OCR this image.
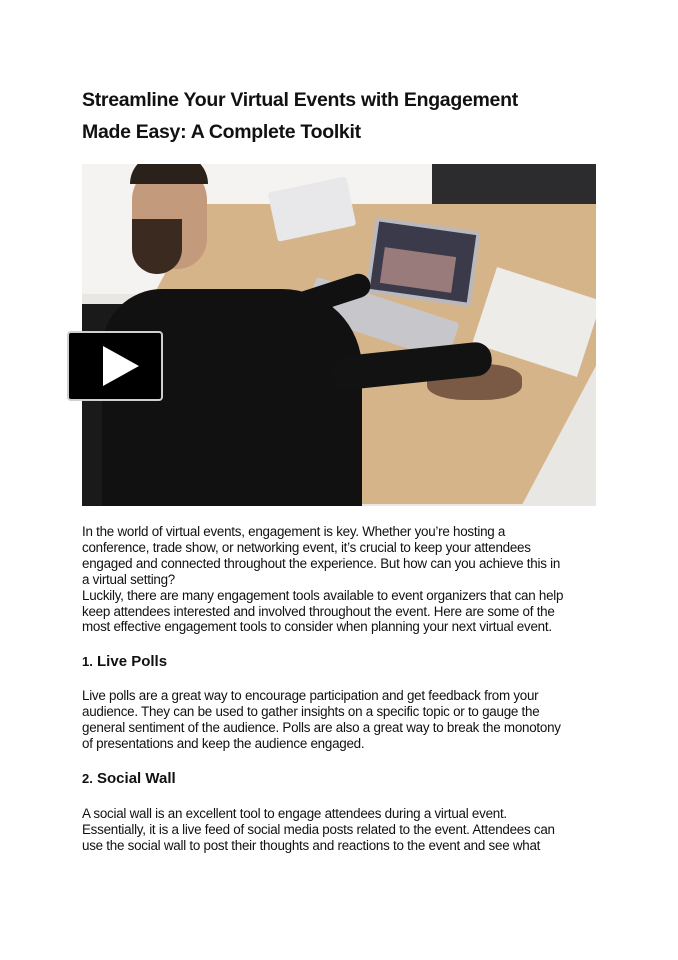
Streamline Your Virtual Events with Engagement
Made Easy: A Complete Toolkit
In the world of virtual events, engagement is key. Whether you’re hosting a
conference, trade show, or networking event, it’s crucial to keep your attendees
engaged and connected throughout the experience. But how can you achieve this in
a virtual setting?
Luckily, there are many engagement tools available to event organizers that can help
keep attendees interested and involved throughout the event. Here are some of the
most effective engagement tools to consider when planning your next virtual event.
1. Live Polls
Live polls are a great way to encourage participation and get feedback from your
audience. They can be used to gather insights on a specific topic or to gauge the
general sentiment of the audience. Polls are also a great way to break the monotony
of presentations and keep the audience engaged.
2. Social Wall
A social wall is an excellent tool to engage attendees during a virtual event.
Essentially, it is a live feed of social media posts related to the event. Attendees can
use the social wall to post their thoughts and reactions to the event and see what
